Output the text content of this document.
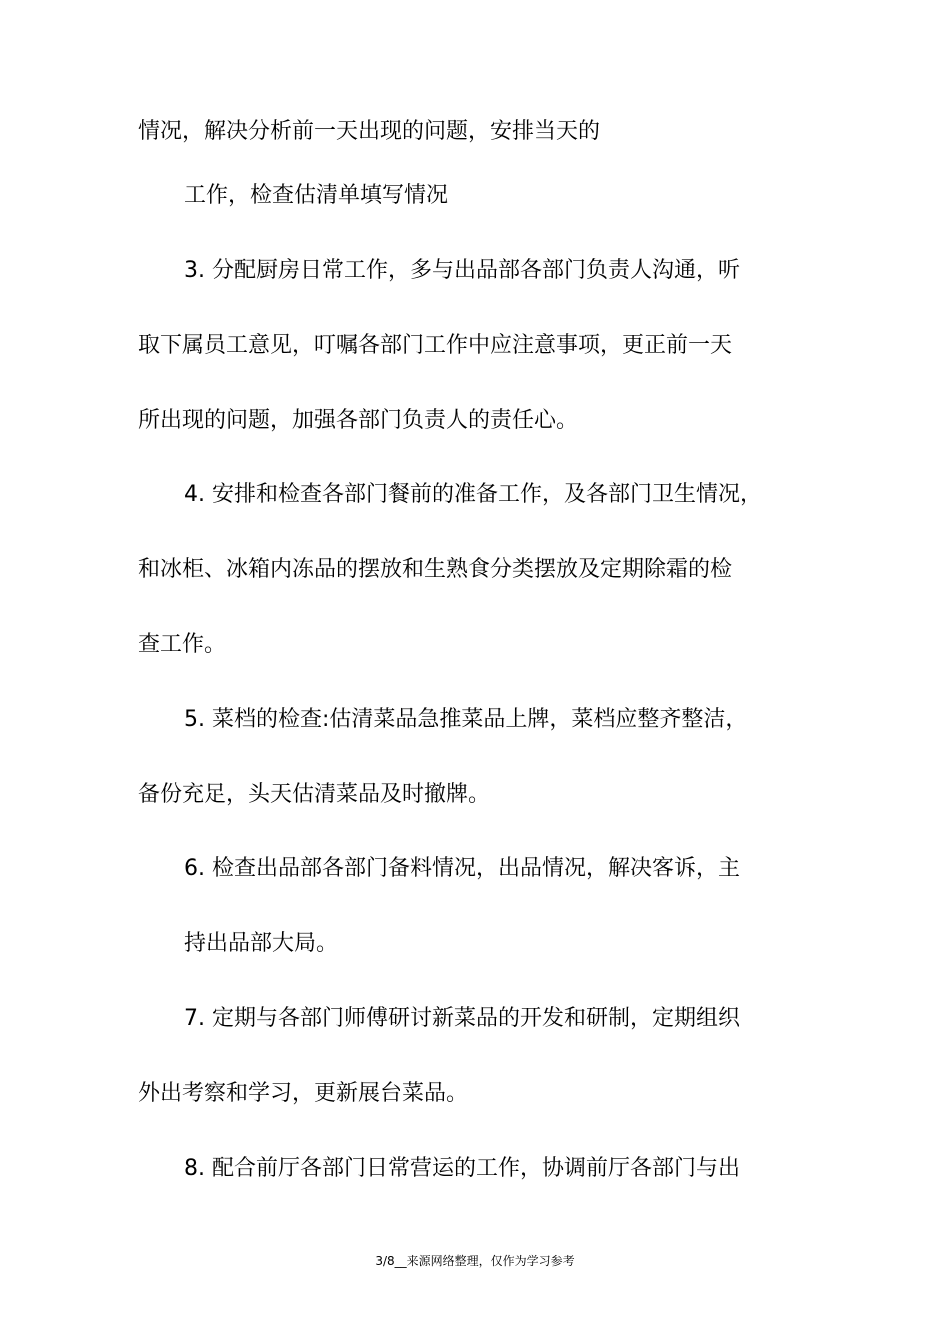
情况，解决分析前一天出现的问题，安排当天的

工作，检查估清单填写情况

3. 分配厨房日常工作，多与出品部各部门负责人沟通，听

取下属员工意见，叮嘱各部门工作中应注意事项，更正前一天

所出现的问题，加强各部门负责人的责任心。

4. 安排和检查各部门餐前的准备工作，及各部门卫生情况，

和冰柜、冰箱内冻品的摆放和生熟食分类摆放及定期除霜的检

查工作。

5. 菜档的检查:估清菜品急推菜品上牌，菜档应整齐整洁，

备份充足，头天估清菜品及时撤牌。

6. 检查出品部各部门备料情况，出品情况，解决客诉，主

持出品部大局。

7. 定期与各部门师傅研讨新菜品的开发和研制，定期组织

外出考察和学习，更新展台菜品。

8. 配合前厅各部门日常营运的工作，协调前厅各部门与出

3/8__来源网络整理，仅作为学习参考
